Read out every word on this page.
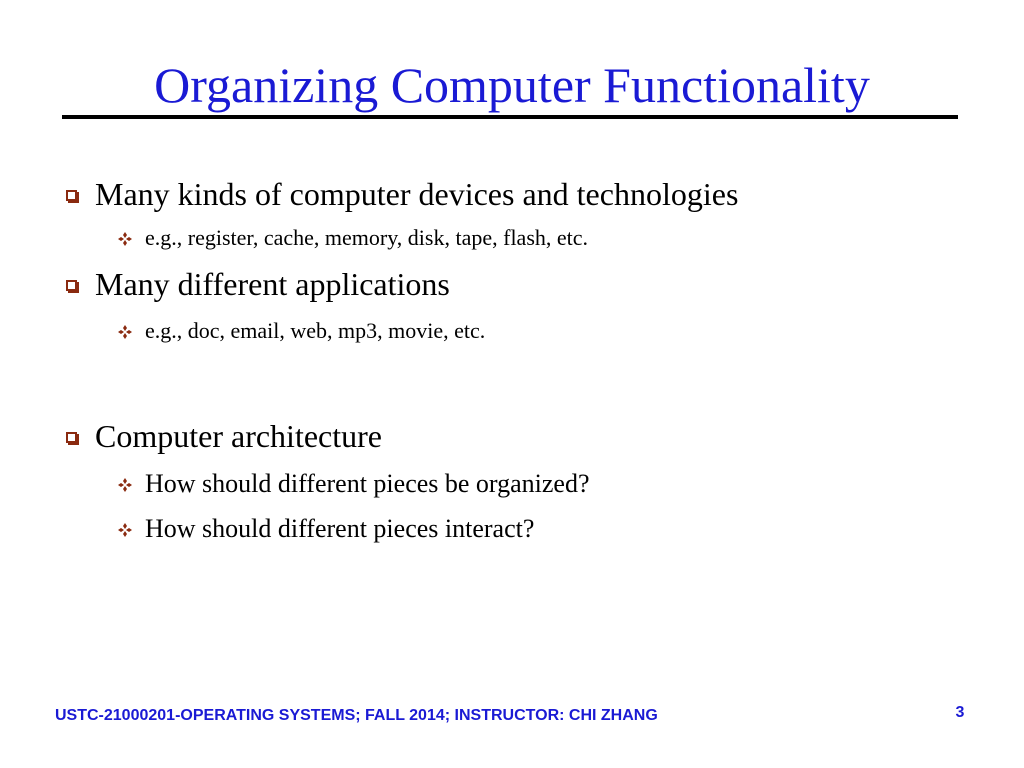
Organizing Computer Functionality
Many kinds of computer devices and technologies
e.g., register, cache, memory, disk, tape, flash, etc.
Many different applications
e.g., doc, email, web, mp3, movie, etc.
Computer architecture
How should different pieces be organized?
How should different pieces interact?
USTC-21000201-OPERATING SYSTEMS; FALL 2014; INSTRUCTOR: CHI ZHANG	3
